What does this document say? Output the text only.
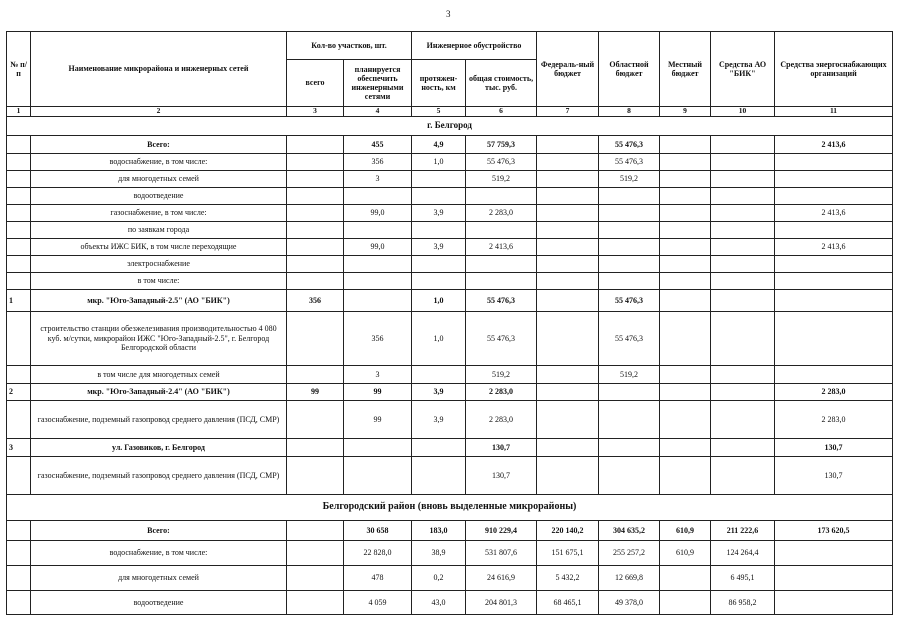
3
№ п/п	Наименование микрорайона и инженерных сетей	Кол-во участков, шт.		Инженерное обустройство		Федераль-ный бюджет	Областной бюджет	Местный бюджет	Средства АО "БИК"	Средства энергоснабжающих организаций
		всего	планируется обеспечить инженерными сетями	протяжен-ность, км	общая стоимость, тыс. руб.					
1	2	3	4	5	6	7	8	9	10	11
г. Белгород										
	Всего:		455	4,9	57 759,3		55 476,3			2 413,6
	водоснабжение, в том числе:		356	1,0	55 476,3		55 476,3			
	для многодетных семей		3		519,2		519,2			
	водоотведение									
	газоснабжение, в том числе:		99,0	3,9	2 283,0					2 413,6
	по заявкам города									
	объекты ИЖС БИК, в том числе переходящие		99,0	3,9	2 413,6					2 413,6
	электроснабжение									
	в том числе:									
1	мкр. "Юго-Западный-2.5" (АО "БИК")	356		1,0	55 476,3		55 476,3			
	строительство станции обезжелезивания производительностью 4 080 куб. м/сутки, микрорайон ИЖС "Юго-Западный-2.5", г. Белгород Белгородской области		356	1,0	55 476,3		55 476,3			
	в том числе для многодетных семей		3		519,2		519,2			
2	мкр. "Юго-Западный-2.4" (АО "БИК")	99	99	3,9	2 283,0					2 283,0
	газоснабжение, подземный газопровод среднего давления (ПСД, СМР)		99	3,9	2 283,0					2 283,0
3	ул. Газовиков, г. Белгород				130,7					130,7
	газоснабжение, подземный газопровод среднего давления (ПСД, СМР)				130,7					130,7
Белгородский район (вновь выделенные микрорайоны)										
	Всего:		30 658	183,0	910 229,4	220 140,2	304 635,2	610,9	211 222,6	173 620,5
	водоснабжение, в том числе:		22 828,0	38,9	531 807,6	151 675,1	255 257,2	610,9	124 264,4	
	для многодетных семей		478	0,2	24 616,9	5 432,2	12 669,8		6 495,1	
	водоотведение		4 059	43,0	204 801,3	68 465,1	49 378,0		86 958,2	
